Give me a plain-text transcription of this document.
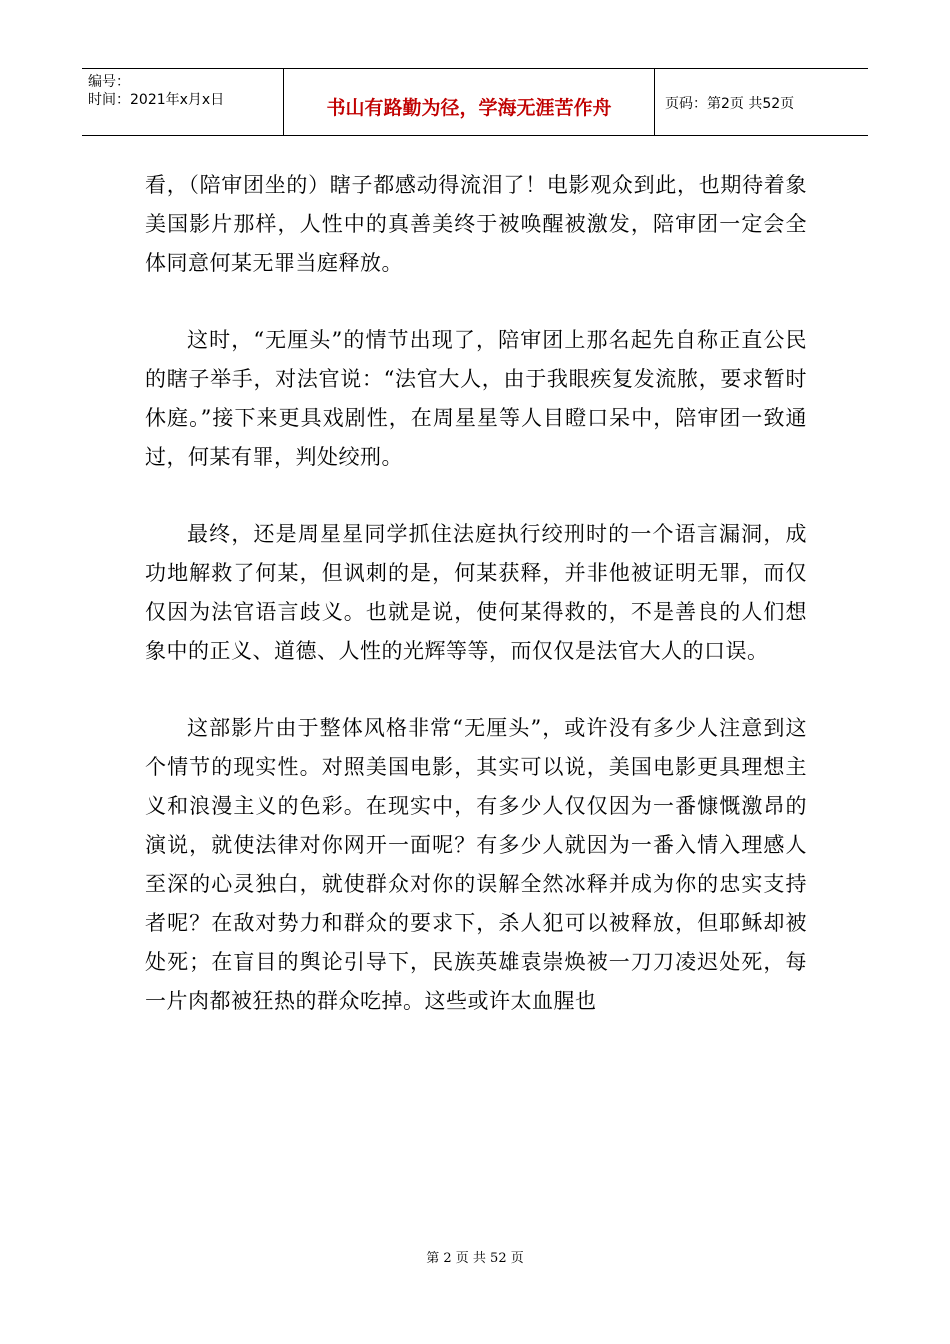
编号：
时间：2021年x月x日	书山有路勤为径，学海无涯苦作舟	页码：第2页 共52页

看，（陪审团坐的）瞎子都感动得流泪了！电影观众到此，也期待着象美国影片那样，人性中的真善美终于被唤醒被激发，陪审团一定会全体同意何某无罪当庭释放。

这时，“无厘头”的情节出现了，陪审团上那名起先自称正直公民的瞎子举手，对法官说：“法官大人，由于我眼疾复发流脓，要求暂时休庭。”接下来更具戏剧性，在周星星等人目瞪口呆中，陪审团一致通过，何某有罪，判处绞刑。

最终，还是周星星同学抓住法庭执行绞刑时的一个语言漏洞，成功地解救了何某，但讽刺的是，何某获释，并非他被证明无罪，而仅仅因为法官语言歧义。也就是说，使何某得救的，不是善良的人们想象中的正义、道德、人性的光辉等等，而仅仅是法官大人的口误。

这部影片由于整体风格非常“无厘头”，或许没有多少人注意到这个情节的现实性。对照美国电影，其实可以说，美国电影更具理想主义和浪漫主义的色彩。在现实中，有多少人仅仅因为一番慷慨激昂的演说，就使法律对你网开一面呢？有多少人就因为一番入情入理感人至深的心灵独白，就使群众对你的误解全然冰释并成为你的忠实支持者呢？在敌对势力和群众的要求下，杀人犯可以被释放，但耶稣却被处死；在盲目的舆论引导下，民族英雄袁崇焕被一刀刀凌迟处死，每一片肉都被狂热的群众吃掉。这些或许太血腥也

第 2 页 共 52 页
